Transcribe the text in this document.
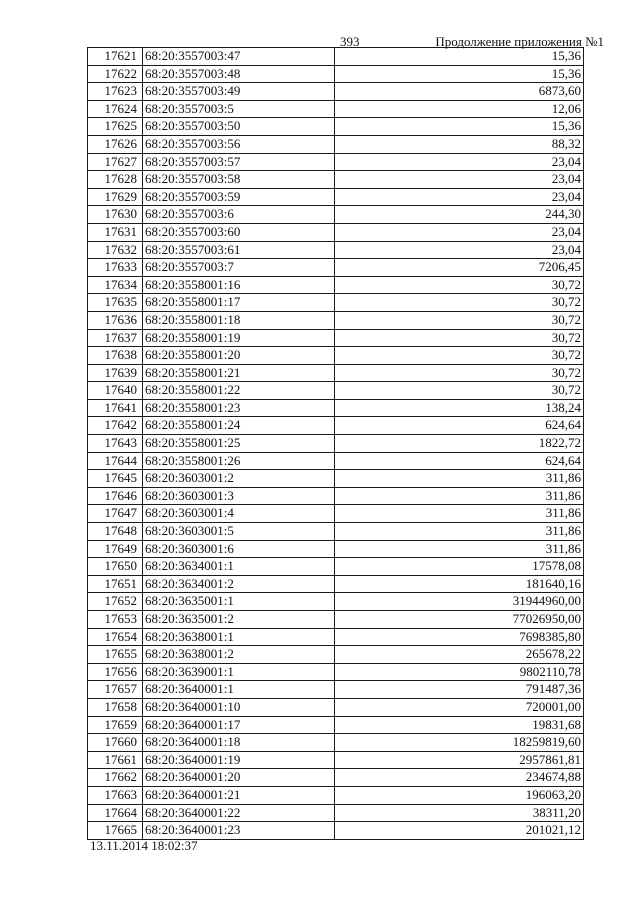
393	Продолжение приложения №1
17621	68:20:3557003:47	15,36
17622	68:20:3557003:48	15,36
17623	68:20:3557003:49	6873,60
17624	68:20:3557003:5	12,06
17625	68:20:3557003:50	15,36
17626	68:20:3557003:56	88,32
17627	68:20:3557003:57	23,04
17628	68:20:3557003:58	23,04
17629	68:20:3557003:59	23,04
17630	68:20:3557003:6	244,30
17631	68:20:3557003:60	23,04
17632	68:20:3557003:61	23,04
17633	68:20:3557003:7	7206,45
17634	68:20:3558001:16	30,72
17635	68:20:3558001:17	30,72
17636	68:20:3558001:18	30,72
17637	68:20:3558001:19	30,72
17638	68:20:3558001:20	30,72
17639	68:20:3558001:21	30,72
17640	68:20:3558001:22	30,72
17641	68:20:3558001:23	138,24
17642	68:20:3558001:24	624,64
17643	68:20:3558001:25	1822,72
17644	68:20:3558001:26	624,64
17645	68:20:3603001:2	311,86
17646	68:20:3603001:3	311,86
17647	68:20:3603001:4	311,86
17648	68:20:3603001:5	311,86
17649	68:20:3603001:6	311,86
17650	68:20:3634001:1	17578,08
17651	68:20:3634001:2	181640,16
17652	68:20:3635001:1	31944960,00
17653	68:20:3635001:2	77026950,00
17654	68:20:3638001:1	7698385,80
17655	68:20:3638001:2	265678,22
17656	68:20:3639001:1	9802110,78
17657	68:20:3640001:1	791487,36
17658	68:20:3640001:10	720001,00
17659	68:20:3640001:17	19831,68
17660	68:20:3640001:18	18259819,60
17661	68:20:3640001:19	2957861,81
17662	68:20:3640001:20	234674,88
17663	68:20:3640001:21	196063,20
17664	68:20:3640001:22	38311,20
17665	68:20:3640001:23	201021,12
13.11.2014 18:02:37
